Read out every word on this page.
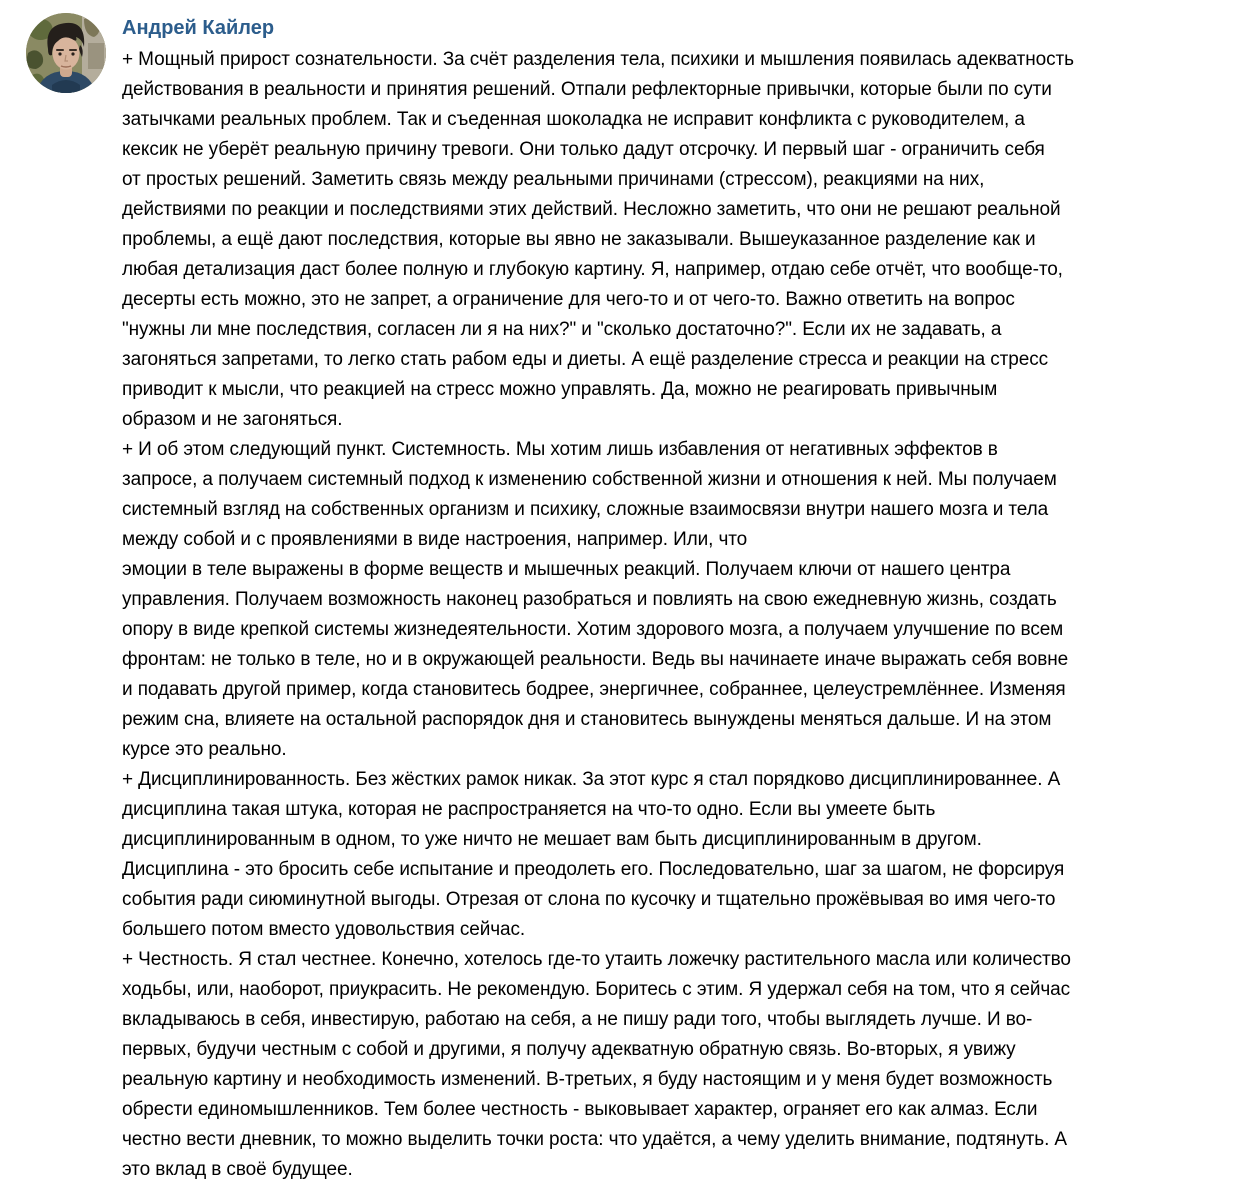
Андрей Кайлер
+ Мощный прирост сознательности. За счёт разделения тела, психики и мышления появилась адекватность
действования в реальности и принятия решений. Отпали рефлекторные привычки, которые были по сути
затычками реальных проблем. Так и съеденная шоколадка не исправит конфликта с руководителем, а
кексик не уберёт реальную причину тревоги. Они только дадут отсрочку. И первый шаг - ограничить себя
от простых решений. Заметить связь между реальными причинами (стрессом), реакциями на них,
действиями по реакции и последствиями этих действий. Несложно заметить, что они не решают реальной
проблемы, а ещё дают последствия, которые вы явно не заказывали. Вышеуказанное разделение как и
любая детализация даст более полную и глубокую картину. Я, например, отдаю себе отчёт, что вообще-то,
десерты есть можно, это не запрет, а ограничение для чего-то и от чего-то. Важно ответить на вопрос
"нужны ли мне последствия, согласен ли я на них?" и "сколько достаточно?". Если их не задавать, а
загоняться запретами, то легко стать рабом еды и диеты. А ещё разделение стресса и реакции на стресс
приводит к мысли, что реакцией на стресс можно управлять. Да, можно не реагировать привычным
образом и не загоняться.
+ И об этом следующий пункт. Системность. Мы хотим лишь избавления от негативных эффектов в
запросе, а получаем системный подход к изменению собственной жизни и отношения к ней. Мы получаем
системный взгляд на собственных организм и психику, сложные взаимосвязи внутри нашего мозга и тела
между собой и с проявлениями в виде настроения, например. Или, что
эмоции в теле выражены в форме веществ и мышечных реакций. Получаем ключи от нашего центра
управления. Получаем возможность наконец разобраться и повлиять на свою ежедневную жизнь, создать
опору в виде крепкой системы жизнедеятельности. Хотим здорового мозга, а получаем улучшение по всем
фронтам: не только в теле, но и в окружающей реальности. Ведь вы начинаете иначе выражать себя вовне
и подавать другой пример, когда становитесь бодрее, энергичнее, собраннее, целеустремлённее. Изменяя
режим сна, влияете на остальной распорядок дня и становитесь вынуждены меняться дальше. И на этом
курсе это реально.
+ Дисциплинированность. Без жёстких рамок никак. За этот курс я стал порядково дисциплинированнее. А
дисциплина такая штука, которая не распространяется на что-то одно. Если вы умеете быть
дисциплинированным в одном, то уже ничто не мешает вам быть дисциплинированным в другом.
Дисциплина - это бросить себе испытание и преодолеть его. Последовательно, шаг за шагом, не форсируя
события ради сиюминутной выгоды. Отрезая от слона по кусочку и тщательно прожёвывая во имя чего-то
большего потом вместо удовольствия сейчас.
+ Честность. Я стал честнее. Конечно, хотелось где-то утаить ложечку растительного масла или количество
ходьбы, или, наоборот, приукрасить. Не рекомендую. Боритесь с этим. Я удержал себя на том, что я сейчас
вкладываюсь в себя, инвестирую, работаю на себя, а не пишу ради того, чтобы выглядеть лучше. И во-
первых, будучи честным с собой и другими, я получу адекватную обратную связь. Во-вторых, я увижу
реальную картину и необходимость изменений. В-третьих, я буду настоящим и у меня будет возможность
обрести единомышленников. Тем более честность - выковывает характер, ограняет его как алмаз. Если
честно вести дневник, то можно выделить точки роста: что удаётся, а чему уделить внимание, подтянуть. А
это вклад в своё будущее.
